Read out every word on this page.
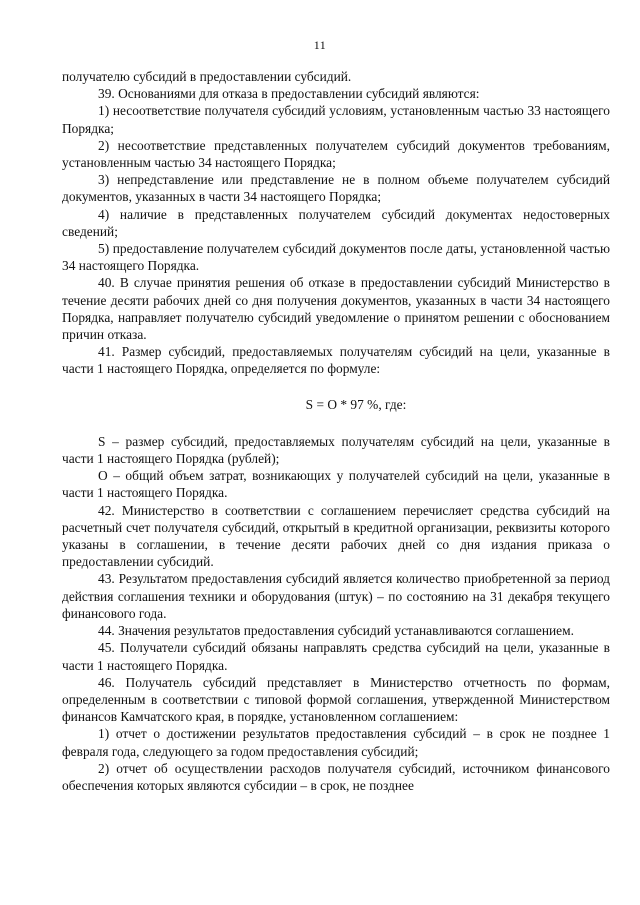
11

получателю субсидий в предоставлении субсидий.

39. Основаниями для отказа в предоставлении субсидий являются:

1) несоответствие получателя субсидий условиям, установленным частью 33 настоящего Порядка;

2) несоответствие представленных получателем субсидий документов требованиям, установленным частью 34 настоящего Порядка;

3) непредставление или представление не в полном объеме получателем субсидий документов, указанных в части 34 настоящего Порядка;

4) наличие в представленных получателем субсидий документах недостоверных сведений;

5) предоставление получателем субсидий документов после даты, установленной частью 34 настоящего Порядка.

40. В случае принятия решения об отказе в предоставлении субсидий Министерство в течение десяти рабочих дней со дня получения документов, указанных в части 34 настоящего Порядка, направляет получателю субсидий уведомление о принятом решении с обоснованием причин отказа.

41. Размер субсидий, предоставляемых получателям субсидий на цели, указанные в части 1 настоящего Порядка, определяется по формуле:

S = O * 97 %, где:

S – размер субсидий, предоставляемых получателям субсидий на цели, указанные в части 1 настоящего Порядка (рублей);

O – общий объем затрат, возникающих у получателей субсидий на цели, указанные в части 1 настоящего Порядка.

42. Министерство в соответствии с соглашением перечисляет средства субсидий на расчетный счет получателя субсидий, открытый в кредитной организации, реквизиты которого указаны в соглашении, в течение десяти рабочих дней со дня издания приказа о предоставлении субсидий.

43. Результатом предоставления субсидий является количество приобретенной за период действия соглашения техники и оборудования (штук) – по состоянию на 31 декабря текущего финансового года.

44. Значения результатов предоставления субсидий устанавливаются соглашением.

45. Получатели субсидий обязаны направлять средства субсидий на цели, указанные в части 1 настоящего Порядка.

46. Получатель субсидий представляет в Министерство отчетность по формам, определенным в соответствии с типовой формой соглашения, утвержденной Министерством финансов Камчатского края, в порядке, установленном соглашением:

1) отчет о достижении результатов предоставления субсидий – в срок не позднее 1 февраля года, следующего за годом предоставления субсидий;

2) отчет об осуществлении расходов получателя субсидий, источником финансового обеспечения которых являются субсидии – в срок, не позднее
